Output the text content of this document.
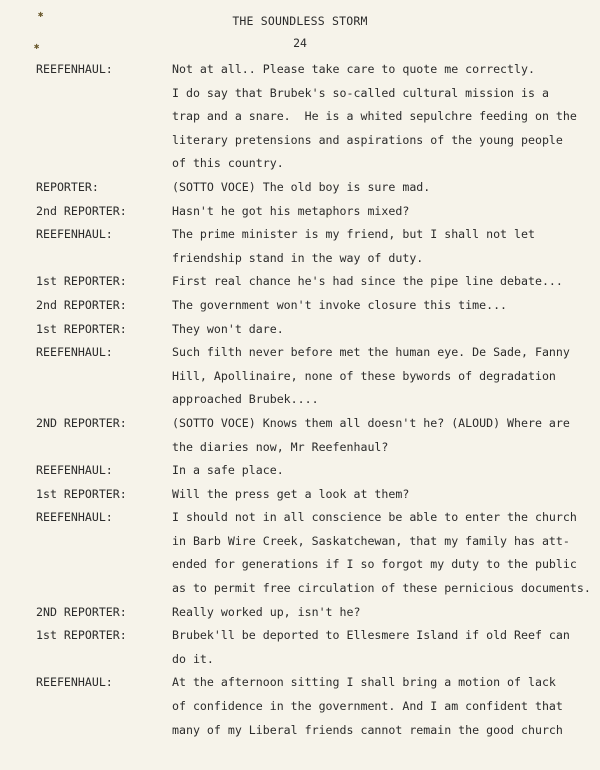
✱
✱
THE SOUNDLESS STORM
24
REEFENHAUL:	Not at all.. Please take care to quote me correctly.
I do say that Brubek's so-called cultural mission is a
trap and a snare.  He is a whited sepulchre feeding on the
literary pretensions and aspirations of the young people
of this country.
REPORTER:	(SOTTO VOCE) The old boy is sure mad.
2nd REPORTER:	Hasn't he got his metaphors mixed?
REEFENHAUL:	The prime minister is my friend, but I shall not let
friendship stand in the way of duty.
1st REPORTER:	First real chance he's had since the pipe line debate...
2nd REPORTER:	The government won't invoke closure this time...
1st REPORTER:	They won't dare.
REEFENHAUL:	Such filth never before met the human eye. De Sade, Fanny
Hill, Apollinaire, none of these bywords of degradation
approached Brubek....
2ND REPORTER:	(SOTTO VOCE) Knows them all doesn't he? (ALOUD) Where are
the diaries now, Mr Reefenhaul?
REEFENHAUL:	In a safe place.
1st REPORTER:	Will the press get a look at them?
REEFENHAUL:	I should not in all conscience be able to enter the church
in Barb Wire Creek, Saskatchewan, that my family has att-
ended for generations if I so forgot my duty to the public
as to permit free circulation of these pernicious documents.
2ND REPORTER:	Really worked up, isn't he?
1st REPORTER:	Brubek'll be deported to Ellesmere Island if old Reef can
do it.
REEFENHAUL:	At the afternoon sitting I shall bring a motion of lack
of confidence in the government. And I am confident that
many of my Liberal friends cannot remain the good church
